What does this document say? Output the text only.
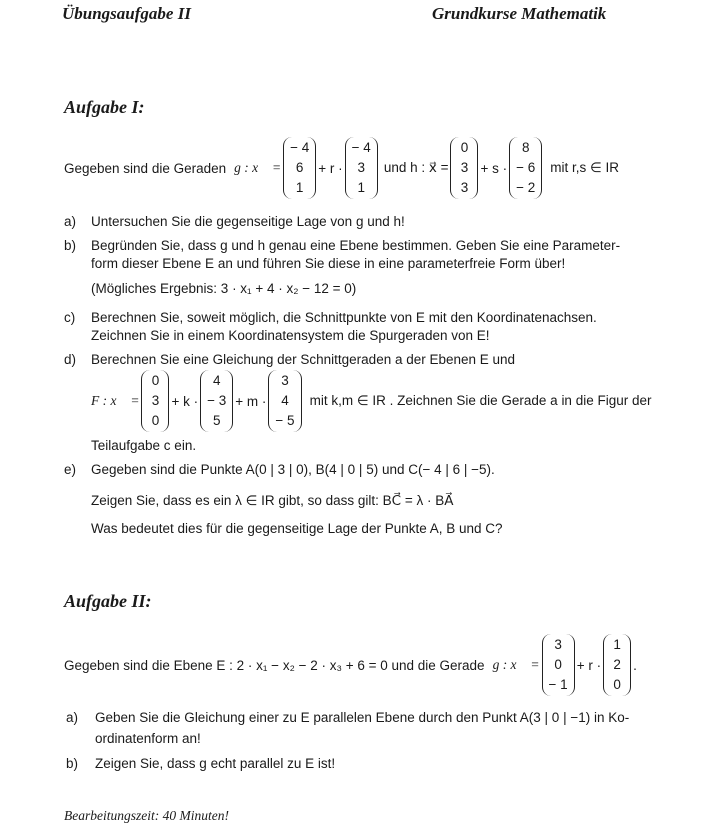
Übungsaufgabe II	Grundkurse Mathematik
Aufgabe I:
Gegeben sind die Geraden g : x⃗ =
− 4
6
1
+ r ·
− 4
3
1
und h : x⃗ =
0
3
3
+ s ·
8
− 6
− 2
mit r,s ∈ IR
a) Untersuchen Sie die gegenseitige Lage von g und h!
b) Begründen Sie, dass g und h genau eine Ebene bestimmen. Geben Sie eine Parameter-
form dieser Ebene E an und führen Sie diese in eine parameterfreie Form über!
(Mögliches Ergebnis: 3 · x₁ + 4 · x₂ − 12 = 0)
c) Berechnen Sie, soweit möglich, die Schnittpunkte von E mit den Koordinatenachsen.
Zeichnen Sie in einem Koordinatensystem die Spurgeraden von E!
d) Berechnen Sie eine Gleichung der Schnittgeraden a der Ebenen E und
F : x⃗ =
0
3
0
+ k ·
4
− 3
5
+ m ·
3
4
− 5
mit k,m ∈ IR . Zeichnen Sie die Gerade a in die Figur der
Teilaufgabe c ein.
e) Gegeben sind die Punkte A(0 | 3 | 0), B(4 | 0 | 5) und C(− 4 | 6 | −5).
Zeigen Sie, dass es ein λ ∈ IR gibt, so dass gilt: BC⃗ = λ · BA⃗
Was bedeutet dies für die gegenseitige Lage der Punkte A, B und C?
Aufgabe II:
Gegeben sind die Ebene E : 2 · x₁ − x₂ − 2 · x₃ + 6 = 0 und die Gerade g : x⃗ =
3
0
− 1
+ r ·
1
2
0
.
a) Geben Sie die Gleichung einer zu E parallelen Ebene durch den Punkt A(3 | 0 | −1) in Ko-
ordinatenform an!
b) Zeigen Sie, dass g echt parallel zu E ist!
Bearbeitungszeit: 40 Minuten!
